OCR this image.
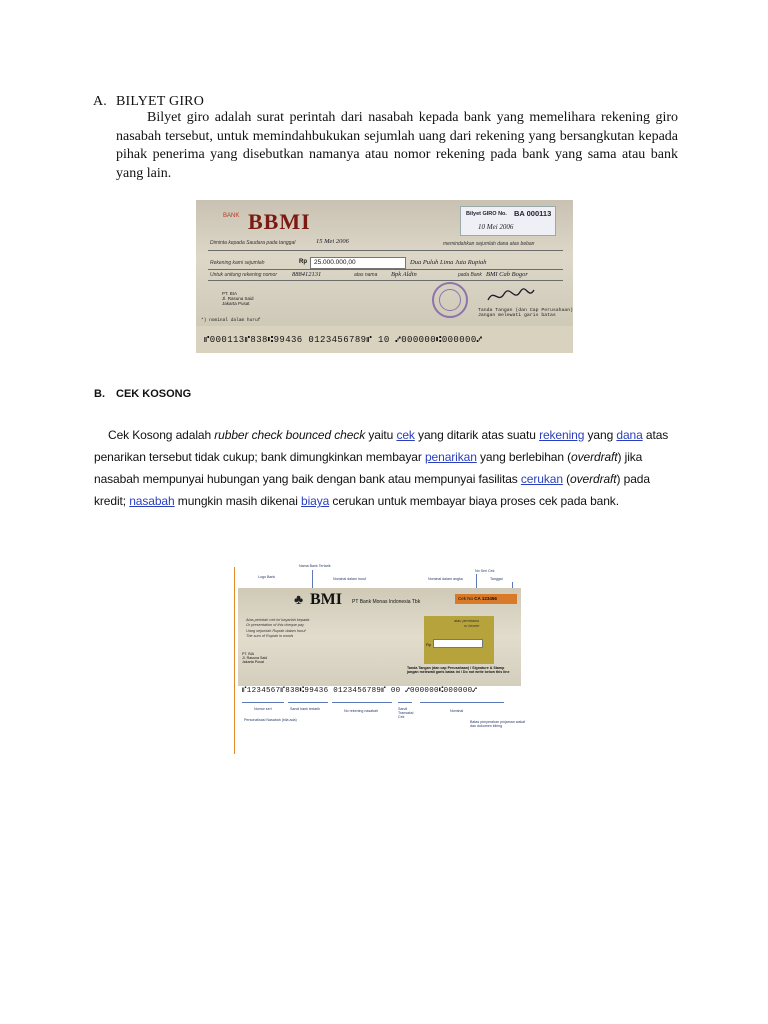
A. BILYET GIRO

Bilyet giro adalah surat perintah dari nasabah kepada bank yang memelihara rekening giro nasabah tersebut, untuk memindahbukukan sejumlah uang dari rekening yang bersangkutan kepada pihak penerima yang disebutkan namanya atau nomor rekening pada bank yang sama atau bank yang lain.

BANK BBMI	Bilyet GIRO No. BA 000113
10 Mei 2006
Diminta kepada Saudara pada tanggal	15 Mei 2006	memindahkan sejumlah dana atas beban
Rekening kami sejumlah	Rp	25.000.000,00	Dua Puluh Lima Juta Rupiah
Untuk unitung rekening nomor 888412131	atas nama Bpk Aldin	pada Bank BMI Cab Bogor
PT. BIA
Jl. Rasuna Said
Jakarta Pusat
Tanda Tangan (dan Cap Perusahaan)
Jangan melewati garis batas
*) nominal dalam huruf
⑈000113⑈838⑆99436 0123456789⑈ 10 ⑇000000⑆000000⑇
B. CEK KOSONG

Cek Kosong adalah rubber check bounced check yaitu cek yang ditarik atas suatu rekening yang dana atas penarikan tersebut tidak cukup; bank dimungkinkan membayar penarikan yang berlebihan (overdraft) jika nasabah mempunyai hubungan yang baik dengan bank atau mempunyai fasilitas cerukan (overdraft) pada kredit; nasabah mungkin masih dikenai biaya cerukan untuk membayar biaya proses cek pada bank.

Nama Bank Tertarik
No Seri Cek
Logo Bank	Nominal dalam huruf	Nominal dalam angka	Tanggal
♣ BMI PT Bank Monas Indonesia Tbk
Cek No CA 123456
Atas perintah cek ini bayarlah kepada
Or presentation of this cheque pay
Uang sejumlah Rupiah dalam huruf
The sum of Rupiah in words
atau pembawa
or bearer
Rp
PT. BIA
Jl. Rasuna Said
Jakarta Pusat
Tanda Tangan (dan cap Perusahaan) / Signature & Stamp
jangan melewati garis batas ini / Do not write below this line
⑈1234567⑈838⑆99436 0123456789⑈ 00 ⑇000000⑆000000⑇
Nomor seri	Sandi bank tertarik	No rekening nasabah	Sandi Transaksi Cek
Nominal
Personalisasi Nasabah (bila ada)	Batas penyerahan pinjaman wakaf dan dokumen kliring
